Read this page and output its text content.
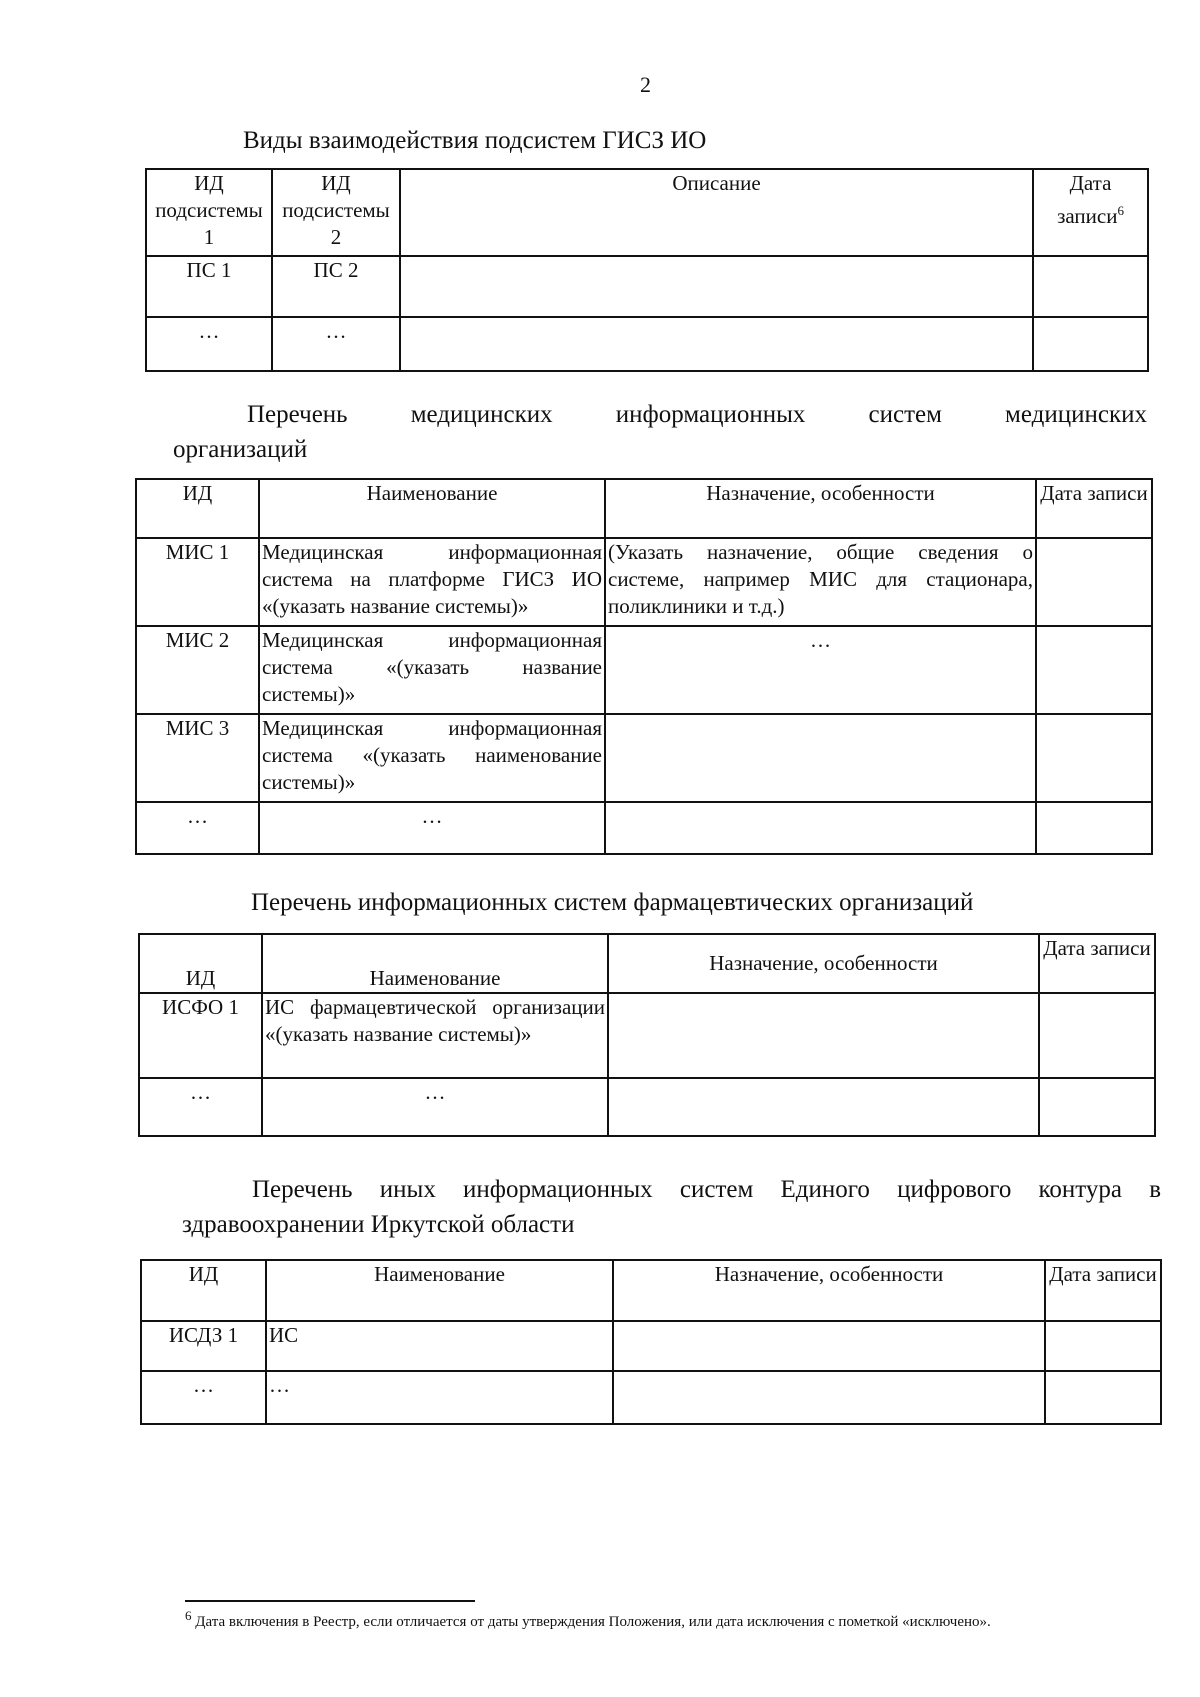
2
Виды взаимодействия подсистем ГИСЗ ИО
ИД подсистемы 1	ИД подсистемы 2	Описание	Дата записи$^6$
ПС 1	ПС 2		
…	…		
Перечень медицинских информационных систем медицинских
организаций
ИД	Наименование	Назначение, особенности	Дата записи
МИС 1	Медицинская информационная система на платформе ГИСЗ ИО «(указать название системы)»	(Указать назначение, общие сведения о системе, например МИС для стационара, поликлиники и т.д.)	
МИС 2	Медицинская информационная система «(указать название системы)»	…	
МИС 3	Медицинская информационная система «(указать наименование системы)»		
…	…		
Перечень информационных систем фармацевтических организаций
ИД	Наименование	Назначение, особенности	Дата записи
ИСФО 1	ИС фармацевтической организации «(указать название системы)»		
…	…		
Перечень иных информационных систем Единого цифрового контура в
здравоохранении Иркутской области
ИД	Наименование	Назначение, особенности	Дата записи
ИСДЗ 1	ИС		
…	…		
$^6$ Дата включения в Реестр, если отличается от даты утверждения Положения, или дата исключения с пометкой «исключено».
